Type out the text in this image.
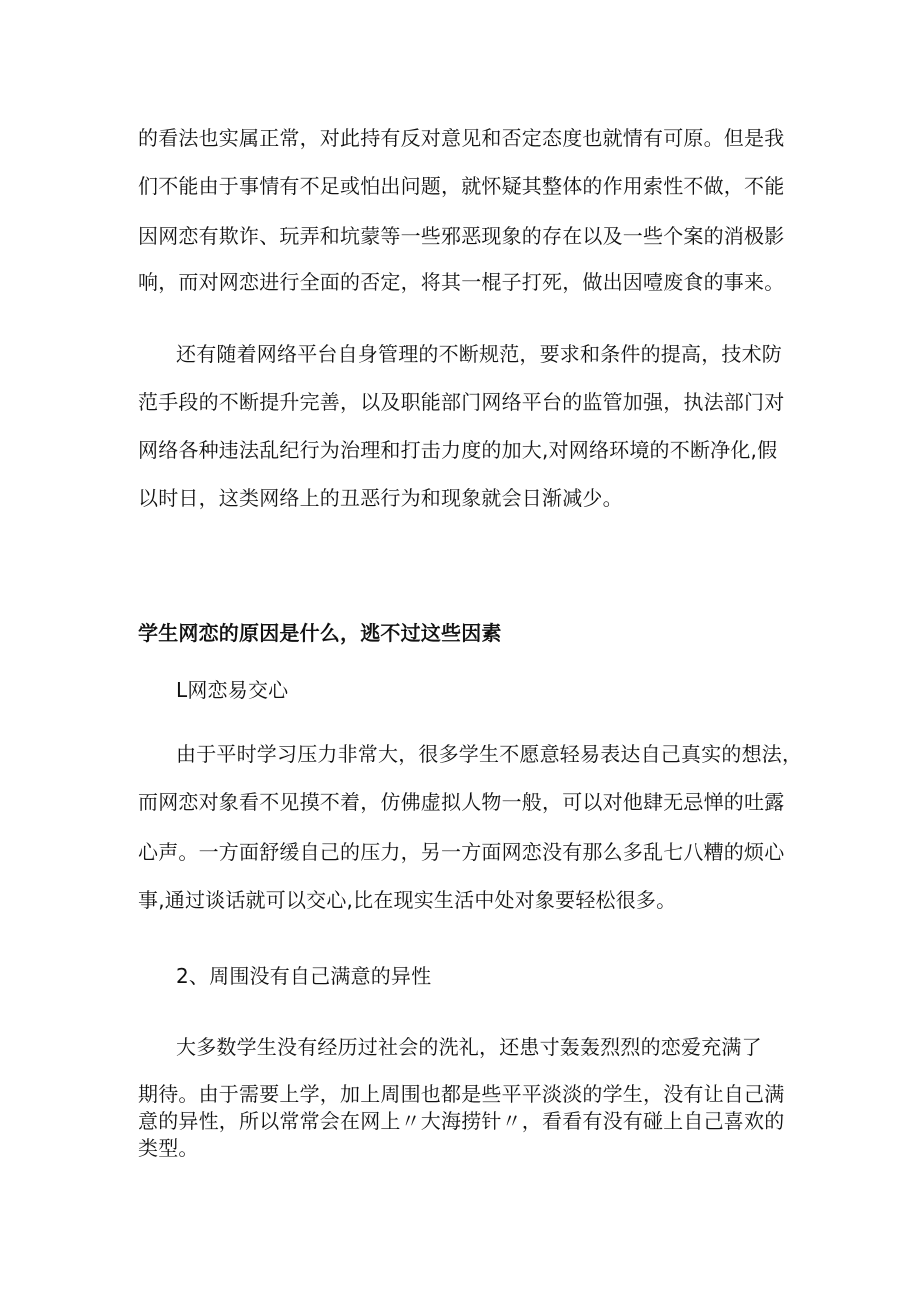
的看法也实属正常，对此持有反对意见和否定态度也就情有可原。但是我
们不能由于事情有不足或怕出问题，就怀疑其整体的作用索性不做，不能
因网恋有欺诈、玩弄和坑蒙等一些邪恶现象的存在以及一些个案的消极影
响，而对网恋进行全面的否定，将其一棍子打死，做出因噎废食的事来。
还有随着网络平台自身管理的不断规范，要求和条件的提高，技术防
范手段的不断提升完善，以及职能部门网络平台的监管加强，执法部门对
网络各种违法乱纪行为治理和打击力度的加大,对网络环境的不断净化,假
以时日，这类网络上的丑恶行为和现象就会日渐减少。
学生网恋的原因是什么，逃不过这些因素
L网恋易交心
由于平时学习压力非常大，很多学生不愿意轻易表达自己真实的想法，
而网恋对象看不见摸不着，仿佛虚拟人物一般，可以对他肆无忌惮的吐露
心声。一方面舒缓自己的压力，另一方面网恋没有那么多乱七八糟的烦心
事,通过谈话就可以交心,比在现实生活中处对象要轻松很多。
2、周围没有自己满意的异性
大多数学生没有经历过社会的洗礼，还患寸轰轰烈烈的恋爱充满了
期待。由于需要上学，加上周围也都是些平平淡淡的学生，没有让自己满
意的异性，所以常常会在网上〃大海捞针〃，看看有没有碰上自己喜欢的
类型。
